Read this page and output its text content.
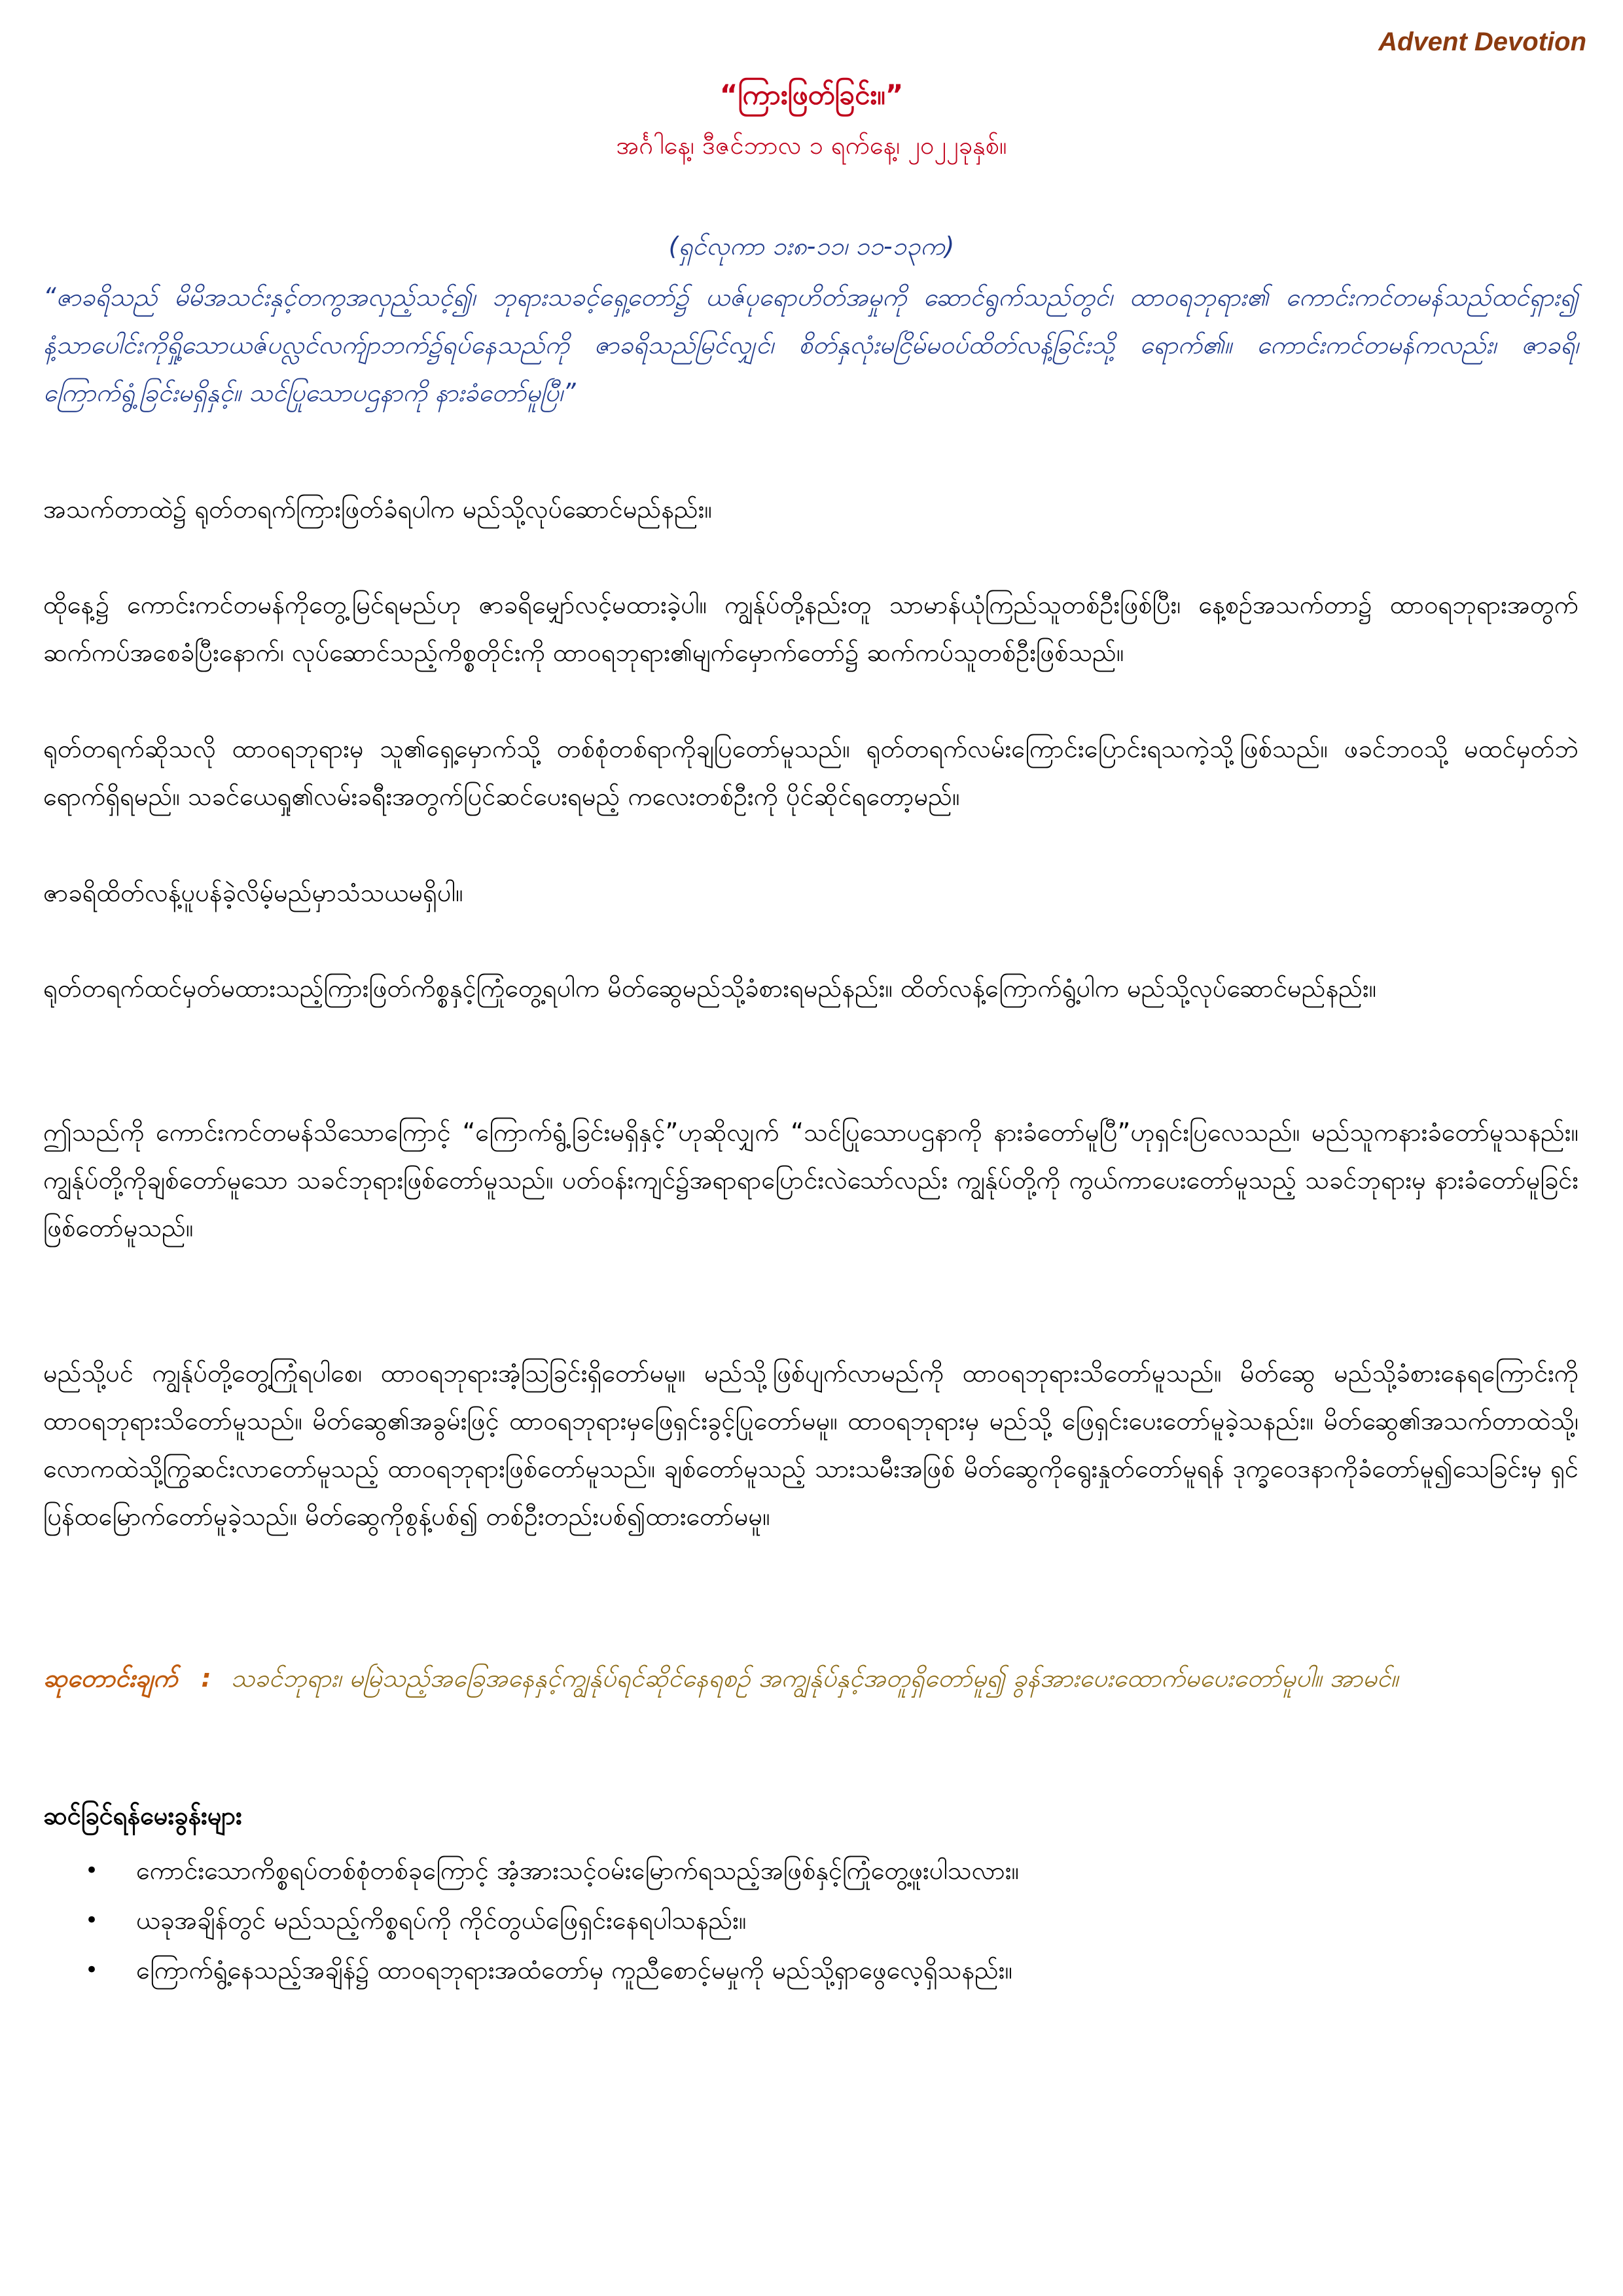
Advent Devotion
“ကြားဖြတ်ခြင်း။”
အင်္ဂါနေ့၊ ဒီဇင်ဘာလ ၁ ရက်နေ့၊ ၂၀၂၂ခုနှစ်။
(ရှင်လုကာ ၁း၈-၁၁၊ ၁၁-၁၃က)
“ဇာခရိသည် မိမိအသင်းနှင့်တကွအလှည့်သင့်၍၊ ဘုရားသခင့်ရှေ့တော်၌ ယဇ်ပုရောဟိတ်အမှုကို ဆောင်ရွက်သည်တွင်၊ ထာဝရဘုရား၏ ကောင်းကင်တမန်သည်ထင်ရှား၍ နံ့သာပေါင်းကိုရှို့သောယဇ်ပလ္လင်လက်ျာဘက်၌ရပ်နေသည်ကို ဇာခရိသည်မြင်လျှင်၊ စိတ်နှလုံးမငြိမ်မဝပ်ထိတ်လန့်ခြင်းသို့ ရောက်၏။ ကောင်းကင်တမန်ကလည်း၊ ဇာခရိ၊ ကြောက်ရွံ့ခြင်းမရှိနှင့်။ သင်ပြုသောပဌနာကို နားခံတော်မူပြီ၊”
အသက်တာထဲ၌ ရုတ်တရက်ကြားဖြတ်ခံရပါက မည်သို့လုပ်ဆောင်မည်နည်း။
ထိုနေ့၌ ကောင်းကင်တမန်ကိုတွေ့မြင်ရမည်ဟု ဇာခရိမျှော်လင့်မထားခဲ့ပါ။ ကျွန်ုပ်တို့နည်းတူ သာမာန်ယုံကြည်သူတစ်ဦးဖြစ်ပြီး၊ နေ့စဉ်အသက်တာ၌ ထာဝရဘုရားအတွက် ဆက်ကပ်အစေခံပြီးနောက်၊ လုပ်ဆောင်သည့်ကိစ္စတိုင်းကို ထာဝရဘုရား၏မျက်မှောက်တော်၌ ဆက်ကပ်သူတစ်ဦးဖြစ်သည်။
ရုတ်တရက်ဆိုသလို ထာဝရဘုရားမှ သူ၏ရှေ့မှောက်သို့ တစ်စုံတစ်ရာကိုချပြတော်မူသည်။ ရုတ်တရက်လမ်းကြောင်းပြောင်းရသကဲ့သို့ဖြစ်သည်။ ဖခင်ဘဝသို့ မထင်မှတ်ဘဲရောက်ရှိရမည်။ သခင်ယေရှု၏လမ်းခရီးအတွက်ပြင်ဆင်ပေးရမည့် ကလေးတစ်ဦးကို ပိုင်ဆိုင်ရတော့မည်။
ဇာခရိထိတ်လန့်ပူပန်ခဲ့လိမ့်မည်မှာသံသယမရှိပါ။
ရုတ်တရက်ထင်မှတ်မထားသည့်ကြားဖြတ်ကိစ္စနှင့်ကြုံတွေ့ရပါက မိတ်ဆွေမည်သို့ခံစားရမည်နည်း။ ထိတ်လန့်ကြောက်ရွံ့ပါက မည်သို့လုပ်ဆောင်မည်နည်း။
ဤသည်ကို ကောင်းကင်တမန်သိသောကြောင့် “ကြောက်ရွံ့ခြင်းမရှိနှင့်”ဟုဆိုလျှက် “သင်ပြုသောပဌနာကို နားခံတော်မူပြီ”ဟုရှင်းပြလေသည်။ မည်သူကနားခံတော်မူသနည်း။ ကျွန်ုပ်တို့ကိုချစ်တော်မူသော သခင်ဘုရားဖြစ်တော်မူသည်။ ပတ်ဝန်းကျင်၌အရာရာပြောင်းလဲသော်လည်း ကျွန်ုပ်တို့ကို ကွယ်ကာပေးတော်မူသည့် သခင်ဘုရားမှ နားခံတော်မူခြင်းဖြစ်တော်မူသည်။
မည်သို့ပင် ကျွန်ုပ်တို့တွေ့ကြုံရပါစေ၊ ထာဝရဘုရားအံ့သြခြင်းရှိတော်မမူ။ မည်သို့ဖြစ်ပျက်လာမည်ကို ထာဝရဘုရားသိတော်မူသည်။ မိတ်ဆွေ မည်သို့ခံစားနေရကြောင်းကို ထာဝရဘုရားသိတော်မူသည်။ မိတ်ဆွေ၏အခွမ်းဖြင့် ထာဝရဘုရားမှဖြေရှင်းခွင့်ပြုတော်မမူ။ ထာဝရဘုရားမှ မည်သို့ ဖြေရှင်းပေးတော်မူခဲ့သနည်း။ မိတ်ဆွေ၏အသက်တာထဲသို့၊ လောကထဲသို့ကြွဆင်းလာတော်မူသည့် ထာဝရဘုရားဖြစ်တော်မူသည်။ ချစ်တော်မူသည့် သားသမီးအဖြစ် မိတ်ဆွေကိုရွေးနှုတ်တော်မူရန် ဒုက္ခဝေဒနာကိုခံတော်မူ၍သေခြင်းမှ ရှင်ပြန်ထမြောက်တော်မူခဲ့သည်။ မိတ်ဆွေကိုစွန့်ပစ်၍ တစ်ဦးတည်းပစ်၍ထားတော်မမူ။
ဆုတောင်းချက် : သခင်ဘုရား၊ မမြဲသည့်အခြေအနေနှင့်ကျွန်ုပ်ရင်ဆိုင်နေရစဉ် အကျွန်ုပ်နှင့်အတူရှိတော်မူ၍ ခွန်အားပေးထောက်မပေးတော်မူပါ။ အာမင်။
ဆင်ခြင်ရန်မေးခွန်းများ
• ကောင်းသောကိစ္စရပ်တစ်စုံတစ်ခုကြောင့် အံ့အားသင့်ဝမ်းမြောက်ရသည့်အဖြစ်နှင့်ကြုံတွေ့ဖူးပါသလား။
• ယခုအချိန်တွင် မည်သည့်ကိစ္စရပ်ကို ကိုင်တွယ်ဖြေရှင်းနေရပါသနည်း။
• ကြောက်ရွံ့နေသည့်အချိန်၌ ထာဝရဘုရားအထံတော်မှ ကူညီစောင့်မမှုကို မည်သို့ရှာဖွေလေ့ရှိသနည်း။
